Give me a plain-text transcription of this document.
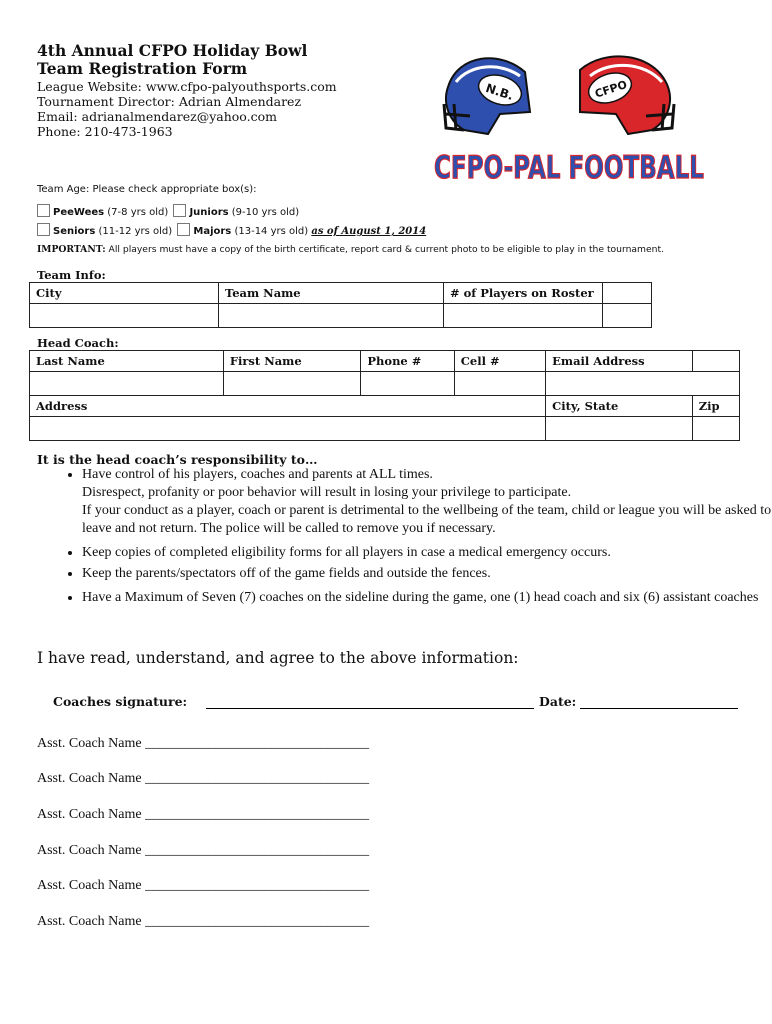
4th Annual CFPO Holiday Bowl
Team Registration Form
League Website: www.cfpo-palyouthsports.com
Tournament Director: Adrian Almendarez
Email: adrianalmendarez@yahoo.com
Phone: 210-473-1963
N.B.	CFPO
CFPO-PAL FOOTBALL
Team Age: Please check appropriate box(s):
PeeWees (7-8 yrs old) Juniors (9-10 yrs old)
Seniors (11-12 yrs old) Majors (13-14 yrs old) as of August 1, 2014
IMPORTANT: All players must have a copy of the birth certificate, report card & current photo to be eligible to play in the tournament.
Team Info:
City	Team Name	# of Players on Roster	

Head Coach:
Last Name	First Name	Phone #	Cell #	Email Address	

Address				City, State	Zip

It is the head coach’s responsibility to…
• Have control of his players, coaches and parents at ALL times.
Disrespect, profanity or poor behavior will result in losing your privilege to participate.
If your conduct as a player, coach or parent is detrimental to the wellbeing of the team, child or league you will be asked to leave and not return. The police will be called to remove you if necessary.
• Keep copies of completed eligibility forms for all players in case a medical emergency occurs.
• Keep the parents/spectators off of the game fields and outside the fences.
• Have a Maximum of Seven (7) coaches on the sideline during the game, one (1) head coach and six (6) assistant coaches
I have read, understand, and agree to the above information:
Coaches signature:	Date:
Asst. Coach Name ________________________________
Asst. Coach Name ________________________________
Asst. Coach Name ________________________________
Asst. Coach Name ________________________________
Asst. Coach Name ________________________________
Asst. Coach Name ________________________________
